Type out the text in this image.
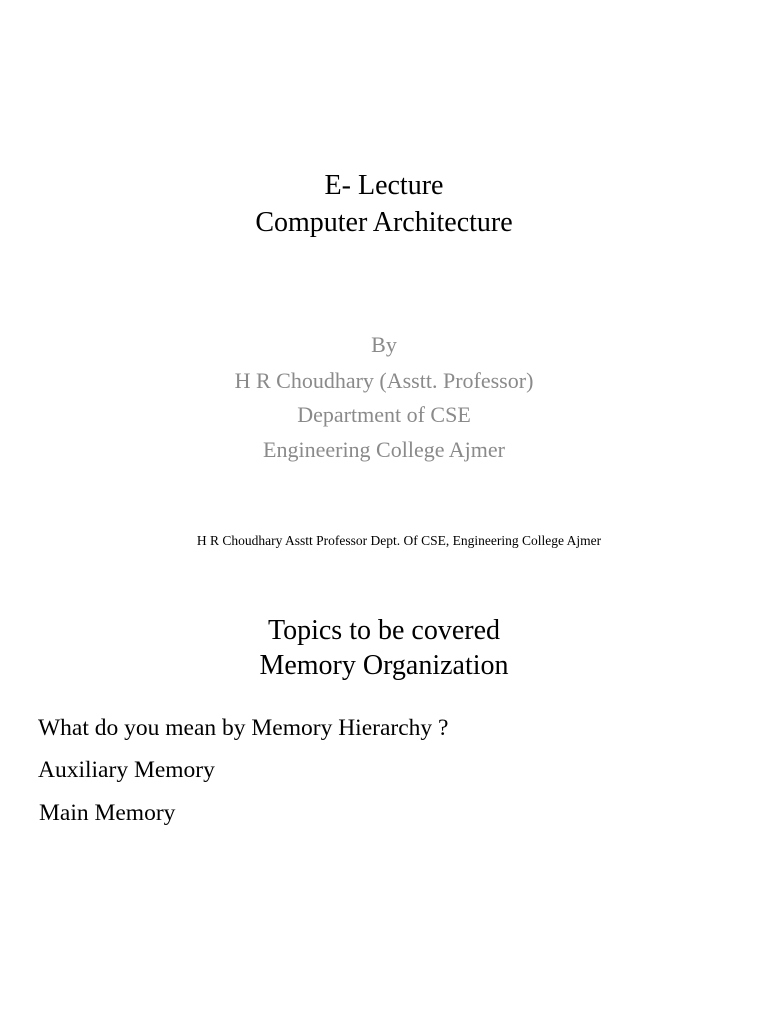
E- Lecture
Computer Architecture
By
H R Choudhary (Asstt. Professor)
Department of CSE
Engineering College Ajmer
H R Choudhary Asstt Professor Dept. Of CSE, Engineering College Ajmer
Topics to be covered
Memory Organization
What do you mean by Memory Hierarchy ?
Auxiliary Memory
Main Memory
